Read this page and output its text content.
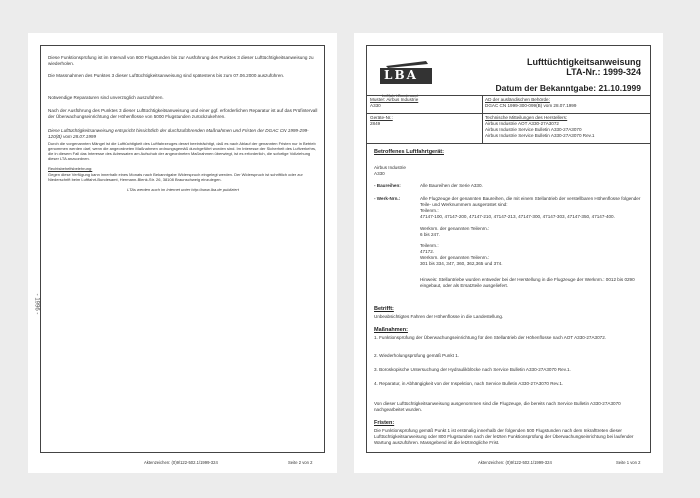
Diese Funktionsprüfung ist im Intervall von 800 Flugstunden bis zur Ausführung des Punktes 3 dieser Lufttüchtigkeitsanweisung zu wiederholen.
Die Massnahmen des Punktes 3 dieser Lufttüchtigkeitsanweisung sind spätestens bis zum 07.06.2000 auszuführen.
Notwendige Reparaturen sind unverzüglich auszuführen.
Nach der Ausführung des Punktes 3 dieser Lufttüchtigkeitsanweisung und einer ggf. erforderlichen Reparatur ist auf das Prüfintervall der Überwachungseinrichtung der Höhenflosse von 5000 Flugstunden zurückzukehren.
Diese Lufttüchtigkeitsanweisung entspricht hinsichtlich der durchzuführenden Maßnahmen und Fristen der DGAC CN 1999-299-120(B) vom 28.07.1999
Durch die vorgenannten Mängel ist die Lufttüchtigkeit des Luftfahrzeuges derart beeinträchtigt, daß es nach Ablauf der genannten Fristen nur in Betrieb genommen werden darf, wenn die angeordneten Maßnahmen ordnungsgemäß durchgeführt worden sind. Im Interesse der Sicherheit des Luftverkehrs, die in diesem Fall das Interesse des Adressaten am Aufschub der angeordneten Maßnahmen überwiegt, ist es erforderlich, die sofortige Vollziehung dieser LTA anzuordnen.
Rechtsbehelfsbelehrung:
Gegen diese Verfügung kann innerhalb eines Monats nach Bekanntgabe Widerspruch eingelegt werden. Der Widerspruch ist schriftlich oder zur Niederschrift beim Luftfahrt-Bundesamt, Hermann-Blenk-Str. 26, 38108 Braunschweig einzulegen.
LTAs werden auch im Internet unter http://www.lba.de publiziert
Aktenzeichen: (0)9/122-502.1/1999-324	Seite 2 von 2
- 1996 -
LBA
Luftfahrt-Bundesamt
Lufttüchtigkeitsanweisung
LTA-Nr.: 1999-324
Datum der Bekanntgabe: 21.10.1999
Muster: Airbus Industrie
A330
AD der ausländischen Behörde:
DGAC CN 1999-300-099(B) vom 28.07.1999
Geräte-Nr.:
2849
Technische Mitteilungen des Herstellers:
Airbus Industrie AOT A330-27A3072
Airbus Industrie Service Bulletin A330-27A3070
Airbus Industrie Service Bulletin A330-27A3070 Rev.1
Betroffenes Luftfahrtgerät:
Airbus Industrie
A330
- Baureihen:	Alle Baureihen der Serie A330.
- Werk-Nrn.:	Alle Flugzeuge der genannten Baureihen, die mit einem Stellantrieb der verstellbaren Höhenflosse folgender Teile- und Werknummern ausgerüstet sind:
Teilenrn.:
47147-100, 47147-200, 47147-210, 47147-213, 47147-300, 47147-303, 47147-350, 47147-400.
Werknrn. der genannten Teilenrn.:
6 bis 247.
Teilenrn.:
47172.
Werknrn. der genannten Teilenrn.:
301 bis 334, 347, 360, 362,365 und 374.
Hinweis: Stellantriebe wurden entweder bei der Herstellung in die Flugzeuge der Werknrn.: 0012 bis 0290 eingebaut, oder als Ersatzteile ausgeliefert.
Betrifft:
Unbeabsichtigtes Fahren der Höhenflosse in die Landestellung.
Maßnahmen:
1. Funktionsprüfung der Überwachungseinrichtung für den Stellantrieb der Höhenflosse nach AOT A330-27A3072.
2. Wiederholungsprüfung gemäß Punkt 1.
3. Boroskopische Untersuchung der Hydraulikblöcke nach Service Bulletin A330-27A3070 Rev.1.
4. Reparatur, in Abhängigkeit von der Inspektion, nach Service Bulletin A330-27A3070 Rev.1.
Von dieser Lufttüchtigkeitsanweisung ausgenommen sind die Flugzeuge, die bereits nach Service Bulletin A330-27A3070 nachgearbeitet wurden.
Fristen:
Die Funktionsprüfung gemäß Punkt 1 ist erstmalig innerhalb der folgenden 500 Flugstunden nach dem Inkrafttreten dieser Lufttüchtigkeitsanweisung oder 800 Flugstunden nach der letzten Funktionsprüfung der Überwachungseinrichtung bei laufender Wartung auszuführen. Massgebend ist die letztmögliche Frist.
Aktenzeichen: (0)9/122-502.1/1999-324	Seite 1 von 2
